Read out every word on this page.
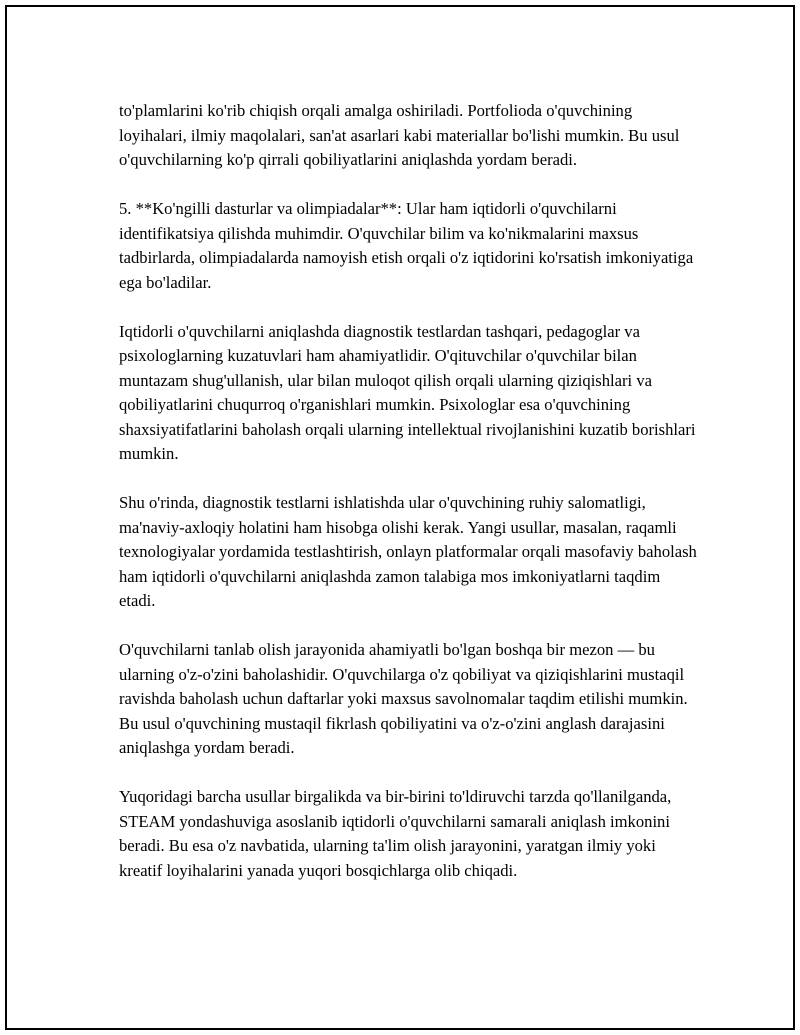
to'plamlarini ko'rib chiqish orqali amalga oshiriladi. Portfolioda o'quvchining loyihalari, ilmiy maqolalari, san'at asarlari kabi materiallar bo'lishi mumkin. Bu usul o'quvchilarning ko'p qirrali qobiliyatlarini aniqlashda yordam beradi.

5. **Ko'ngilli dasturlar va olimpiadalar**: Ular ham iqtidorli o'quvchilarni identifikatsiya qilishda muhimdir. O'quvchilar bilim va ko'nikmalarini maxsus tadbirlarda, olimpiadalarda namoyish etish orqali o'z iqtidorini ko'rsatish imkoniyatiga ega bo'ladilar.

Iqtidorli o'quvchilarni aniqlashda diagnostik testlardan tashqari, pedagoglar va psixologlarning kuzatuvlari ham ahamiyatlidir. O'qituvchilar o'quvchilar bilan muntazam shug'ullanish, ular bilan muloqot qilish orqali ularning qiziqishlari va qobiliyatlarini chuqurroq o'rganishlari mumkin. Psixologlar esa o'quvchining shaxsiyatifatlarini baholash orqali ularning intellektual rivojlanishini kuzatib borishlari mumkin.

Shu o'rinda, diagnostik testlarni ishlatishda ular o'quvchining ruhiy salomatligi, ma'naviy-axloqiy holatini ham hisobga olishi kerak. Yangi usullar, masalan, raqamli texnologiyalar yordamida testlashtirish, onlayn platformalar orqali masofaviy baholash ham iqtidorli o'quvchilarni aniqlashda zamon talabiga mos imkoniyatlarni taqdim etadi.

O'quvchilarni tanlab olish jarayonida ahamiyatli bo'lgan boshqa bir mezon — bu ularning o'z-o'zini baholashidir. O'quvchilarga o'z qobiliyat va qiziqishlarini mustaqil ravishda baholash uchun daftarlar yoki maxsus savolnomalar taqdim etilishi mumkin. Bu usul o'quvchining mustaqil fikrlash qobiliyatini va o'z-o'zini anglash darajasini aniqlashga yordam beradi.

Yuqoridagi barcha usullar birgalikda va bir-birini to'ldiruvchi tarzda qo'llanilganda, STEAM yondashuviga asoslanib iqtidorli o'quvchilarni samarali aniqlash imkonini beradi. Bu esa o'z navbatida, ularning ta'lim olish jarayonini, yaratgan ilmiy yoki kreatif loyihalarini yanada yuqori bosqichlarga olib chiqadi.
